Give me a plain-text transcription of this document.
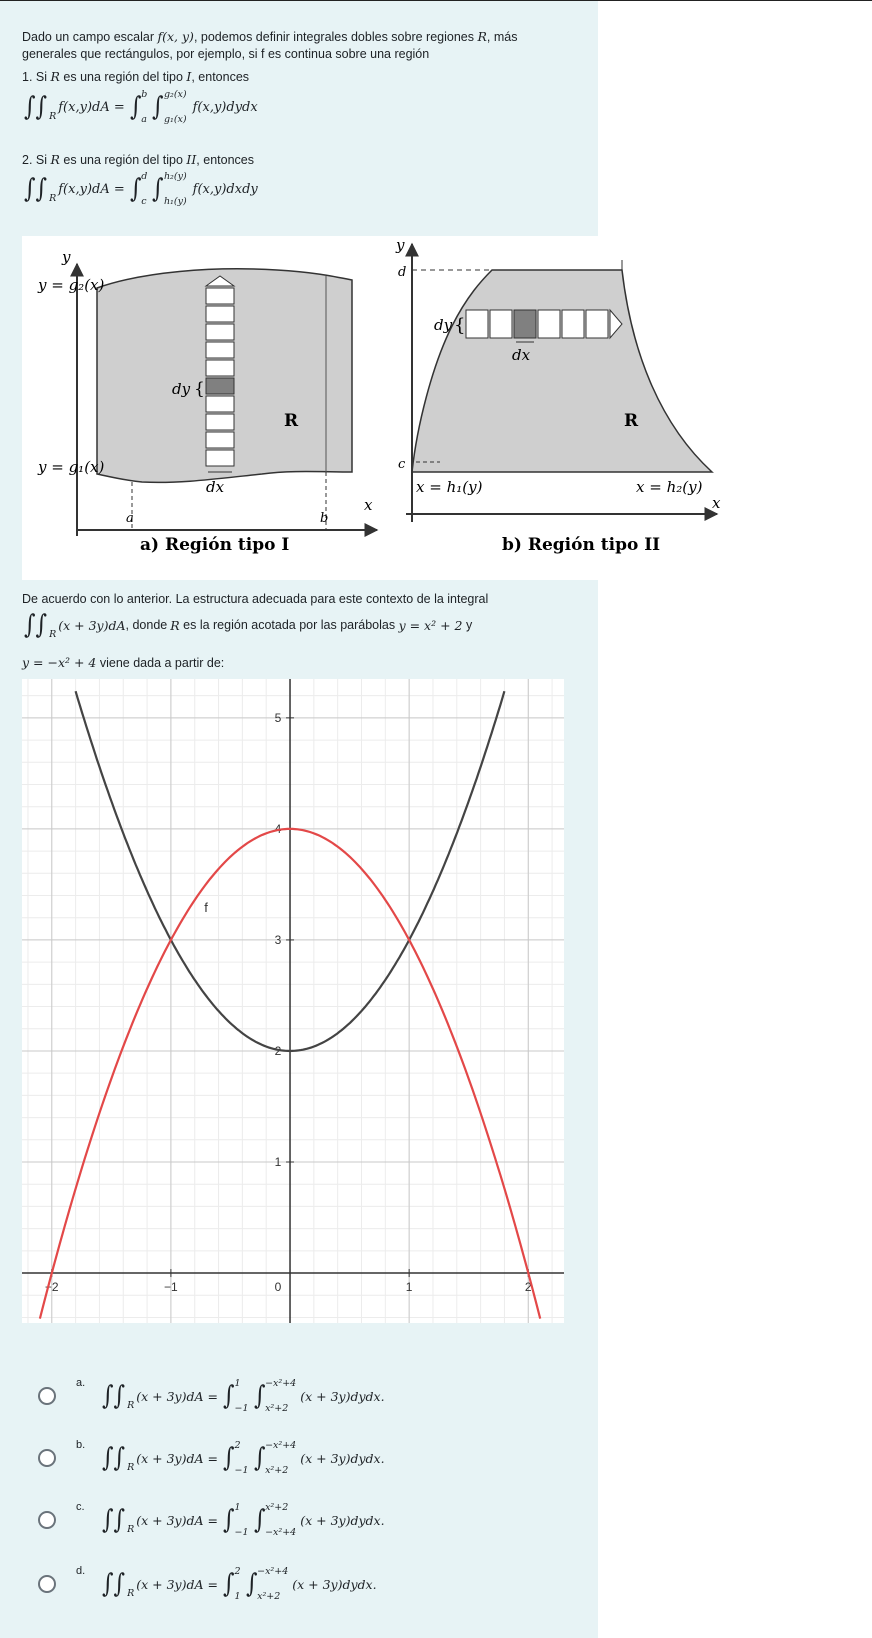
Dado un campo escalar f(x, y), podemos definir integrales dobles sobre regiones R, más
generales que rectángulos, por ejemplo, si f es continua sobre una región
1. Si R es una región del tipo I, entonces
∫∫ R
f(x,y)dA = ∫ b
a ∫ g₂(x)
g₁(x)
f(x,y)dydx
2. Si R es una región del tipo II, entonces
∫∫ R
f(x,y)dA = ∫ d
c ∫ h₂(y)
h₁(y)
f(x,y)dxdy
y
y = g₂(x)
y = g₁(x)
dy {
dx
R
a	b
x
a) Región tipo I
y
d
c
dy {
dx
R
x = h₁(y)	x = h₂(y)
x
b) Región tipo II
De acuerdo con lo anterior. La estructura adecuada para este contexto de la integral
∫∫ R
(x + 3y)dA , donde R es la región acotada por las parábolas y = x² + 2 y
y = −x² + 4 viene dada a partir de:
−2	−1	0	1	2
1
2
3
4
5
f
a. ∫∫ R
(x + 3y)dA = ∫ 1
−1 ∫ −x²+4
x²+2
(x + 3y)dydx.
b. ∫∫ R
(x + 3y)dA = ∫ 2
−1 ∫ −x²+4
x²+2
(x + 3y)dydx.
c. ∫∫ R
(x + 3y)dA = ∫ 1
−1 ∫ x²+2
−x²+4
(x + 3y)dydx.
d. ∫∫ R
(x + 3y)dA = ∫ 2
1 ∫ −x²+4
x²+2
(x + 3y)dydx.
